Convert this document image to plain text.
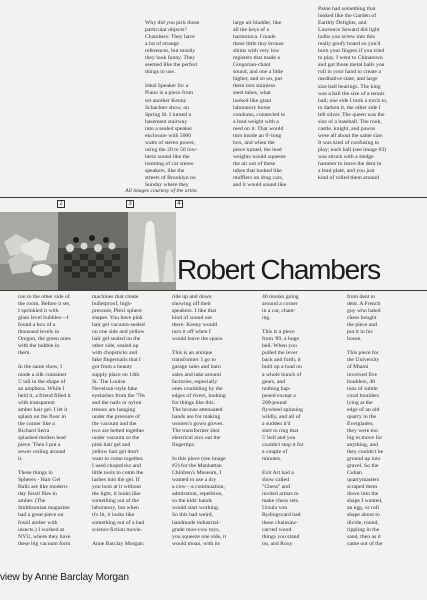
Why did you pick those
particular objects?
Chambers: They have
a lot of strange
references, but mostly
they look funny. They
seemed like the perfect
things to use.

Ideal Speaker for a
Piano is a piece from
set another Kenny
Schachter show, on
Spring St. I turned a
basement stairway
into a sealed speaker
enclosure with 5000
watts of stereo power,
using the 20 to 50 low-
hertz sound like the
looming of car stereo
speakers, like the
streets of Brooklyn on
Sunday where they

large air bladder, like
all the keys of a
harmonica. I made
these little tiny bronze
shims with very low
registers that made a
Gregorian-chant
sound, and one a little
higher, and so on, put
them into stainless
steel tubes, what
looked like giant
laboratory horse
condoms, connected to
a lead weight with a
reed on it. That would
turn inside an 6'-long
box, and when the
piece turned, the lead
weights would squeeze
the air out of these
tubes that looked like
mufflers on drug cars,
and it would sound like

Paine had something that
looked like the Garden of
Earthly Delights, and
Lawrence Seward did light
bulbs you screw into this
really goofy board so you'd
burn your fingers if you tried
to play. I went to Chinatown
and got those metal balls you
roll in your hand to create a
meditative state, and large
size ball bearings. The king
was a ball the size of a tennis
ball; one side I took a torch to,
to darken it, the other side I
left silver. The queen was the
size of a baseball. The rook,
castle, knight, and pawns
were all about the same size.
It was kind of confusing to
play; each ball (see image #3)
was struck with a sledge
hammer to leave the dent in
a lead plate, and you just
kind of rolled them around

All images courtesy of the artist.
2	3	4
Robert Chambers

ron to the other side of
the room. Before it set,
I sprinkled it with
glass level bubbles—I
found a box of a
thousand levels in
Oregon, the green ones
with the bubble in
them.

In the same show, I
made a silk container
5' tall in the shape of
an amphora. While I
held it, a friend filled it
with transparent
amber hair gel. I let it
splash on the floor in
the corner like a
Richard Serra
splashed molten lead
piece. Then I put a
sewer ceiling around
it.

These things in
Spheres - Hair Gel
Balls are like modern-
day fossil flies in
amber. (The
Smithsonian magazine
had a great piece on
fossil amber with
insects.) I worked at
NYU, where they have
these big vacuum form

machines that create
bulletproof, high-
pressure, Plexi sphere
shapes. You have pink
hair gel vacuum-sealed
on one side and yellow
hair gel sealed on the
other side, sealed up
with chopsticks and
fake fingernails that I
got from a beauty
supply place on 14th
St. The Louise
Nevelson-style fake
eyelashes from the '70s
and the nails or nylon
tresses are hanging
under the pressure of
the vacuum and the
two are belted together
under vacuum so the
pink hair gel and
yellow hair gel don't
want to come together.
I used chopsticks and
little tools to comb the
lashes into the gel. If
you look at it without
the light, it looks like
something out of the
laboratory, but when
it's lit, it looks like
something out of a bad
science fiction movie.

Anne Barclay Morgan:

ride up and down
showing off their
speakers. I like that
kind of sound out
there. Kenny would
turn it off when I
would leave the space.

This is an antique
transformer. I go to
garage sales and barn
sales and take around
factories, especially
ones crumbling by the
edges of rivers, looking
for things like this.
The bronze attenuated
hands are for making
women's gown gloves.
The transformer shot
electrical arcs out the
fingertips.

In this piece (see image
#2) for the Manhattan
Children's Museum, I
wanted to use a dry
a cow—a continuation,
admiration, repetition,
so the kids' hands
would start working.
So this had weird,
handmade industrial-
grade moo-cow toys,
you squeeze one side, it
would moan, with its

40 monks going
around a corner
in a car, chant-
ing.

This is a piece
from '89, a huge
bell. When you
pulled the lever
back and forth, it
built up a load on
a whole bunch of
gears, and
nothing hap-
pened except a
200-pound
flywheel spinning
wildly, and all of
a sudden it'd
start to ring that
5' bell and you
couldn't stop it for
a couple of
minutes.

Exit Art had a
show called
"Chess" and
invited artists to
make chess sets.
Ursula von
Rydingsvard had
these chainsaw-
carved wood
things you stand
on, and Roxy

from dent to
dent. A French
guy who hated
chess bought
the piece and
put it in his
house.

This piece for
the University
of Miami
involved five
boulders, 40
tons of subtle
coral boulders
lying at the
edge of an old
quarry in the
Everglades;
they were too
big to move for
anything, and
they couldn't be
ground up into
gravel. So the
Cuban
quarrymasters
scraped them
down into the
shape I wanted,
an egg, or roll
shape about to
divide, round,
rippling in the
sand, then as it
came out of the

view by Anne Barclay Morgan
